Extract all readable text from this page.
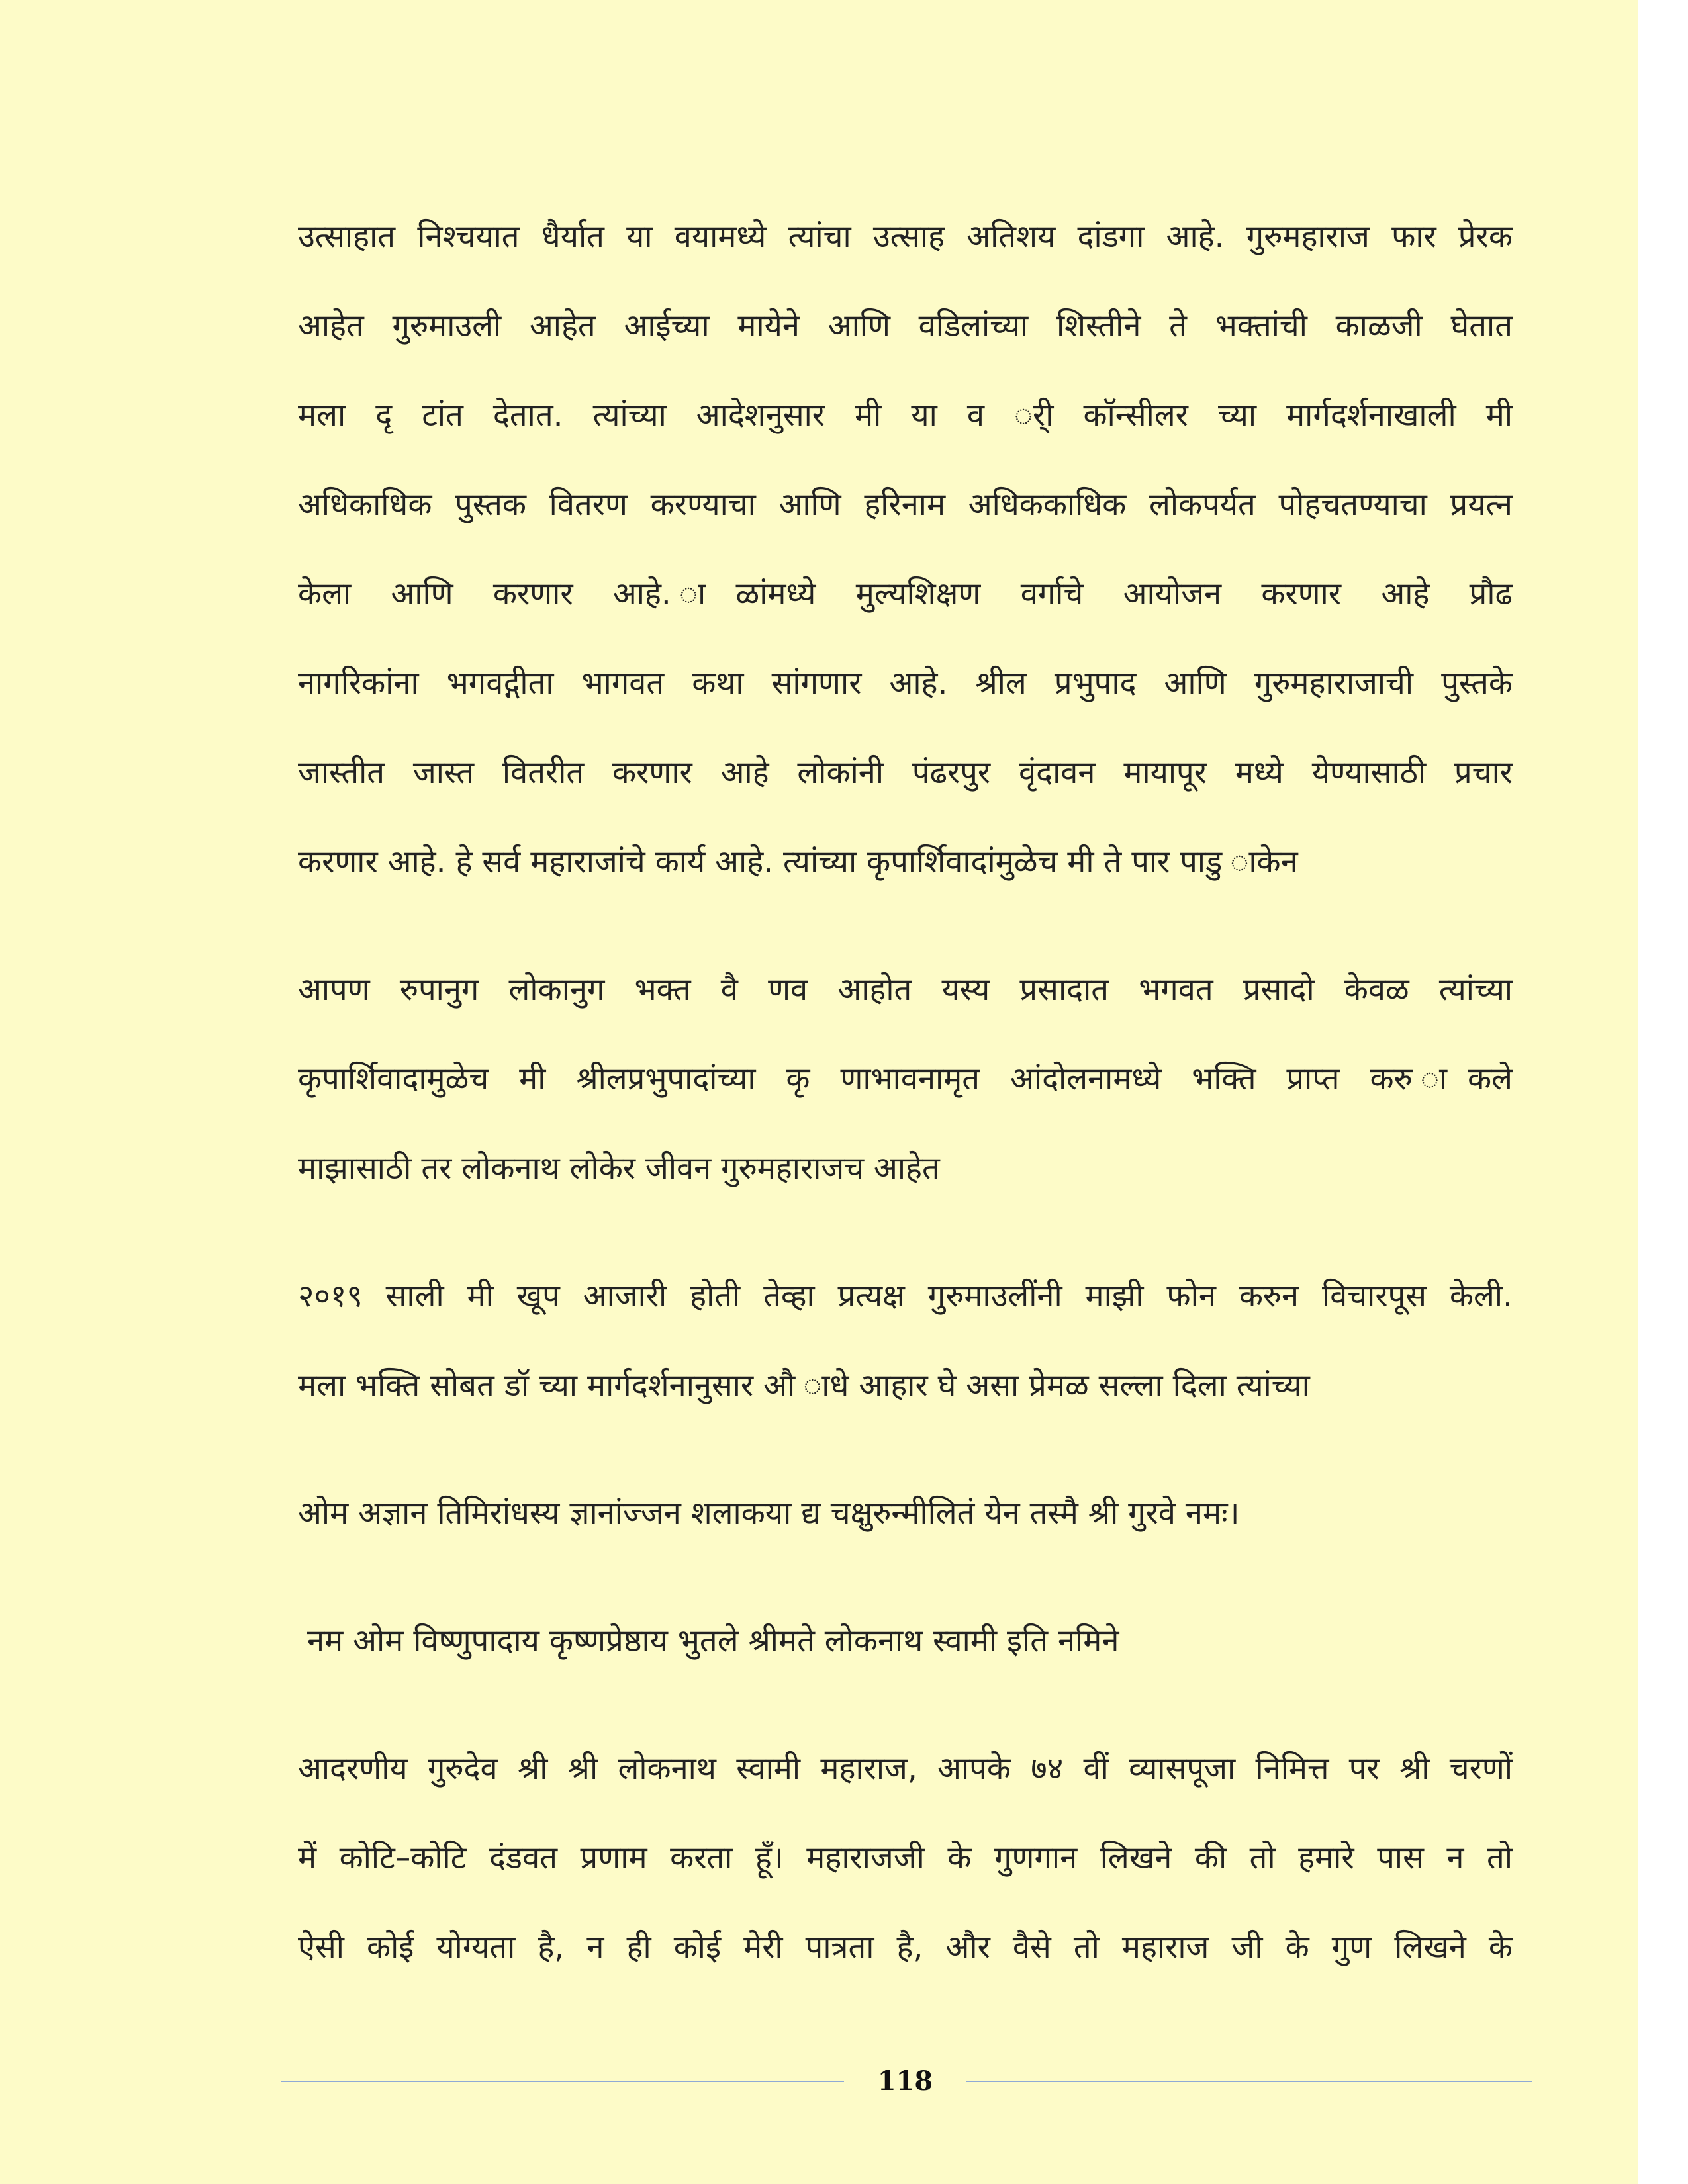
उत्साहात निश्चयात धैर्यात या वयामध्ये त्यांचा उत्साह अतिशय दांडगा आहे. गुरुमहाराज फार प्रेरक
आहेत गुरुमाउली आहेत आईच्या मायेने आणि वडिलांच्या शिस्तीने ते भक्तांची काळजी घेतात
मला दृ टांत देतात. त्यांच्या आदेशनुसार मी या व र्ी कॉन्सीलर च्या मार्गदर्शनाखाली मी
अधिकाधिक पुस्तक वितरण करण्याचा आणि हरिनाम अधिककाधिक लोकपर्यत पोहचतण्याचा प्रयत्न
केला आणि करणार आहे. ाळांमध्ये मुल्यशिक्षण वर्गाचे आयोजन करणार आहे प्रौढ
नागरिकांना भगवद्गीता भागवत कथा सांगणार आहे. श्रील प्रभुपाद आणि गुरुमहाराजाची पुस्तके
जास्तीत जास्त वितरीत करणार आहे लोकांनी पंढरपुर वृंदावन मायापूर मध्ये येण्यासाठी प्रचार
करणार आहे. हे सर्व महाराजांचे कार्य आहे. त्यांच्या कृपार्शिवादांमुळेच मी ते पार पाडु ाकेन
आपण रुपानुग लोकानुग भक्त वै णव आहोत यस्य प्रसादात भगवत प्रसादो केवळ त्यांच्या
कृपार्शिवादामुळेच मी श्रीलप्रभुपादांच्या कृ णाभावनामृत आंदोलनामध्ये भक्ति प्राप्त करु ाकले
माझासाठी तर लोकनाथ लोकेर जीवन गुरुमहाराजच आहेत
२०१९ साली मी खूप आजारी होती तेव्हा प्रत्यक्ष गुरुमाउलींनी माझी फोन करुन विचारपूस केली.
मला भक्ति सोबत डॉ च्या मार्गदर्शनानुसार औ ाधे आहार घे असा प्रेमळ सल्ला दिला त्यांच्या
ओम अज्ञान तिमिरांधस्य ज्ञानांज्जन शलाकया द्य चक्षुरुन्मीलितं येन तस्मै श्री गुरवे नमः।
नम ओम विष्णुपादाय कृष्णप्रेष्ठाय भुतले श्रीमते लोकनाथ स्वामी इति नमिने
आदरणीय गुरुदेव श्री श्री लोकनाथ स्वामी महाराज, आपके ७४ वीं व्यासपूजा निमित्त पर श्री चरणों
में कोटि–कोटि दंडवत प्रणाम करता हूँ। महाराजजी के गुणगान लिखने की तो हमारे पास न तो
ऐसी कोई योग्यता है, न ही कोई मेरी पात्रता है, और वैसे तो महाराज जी के गुण लिखने के
118
